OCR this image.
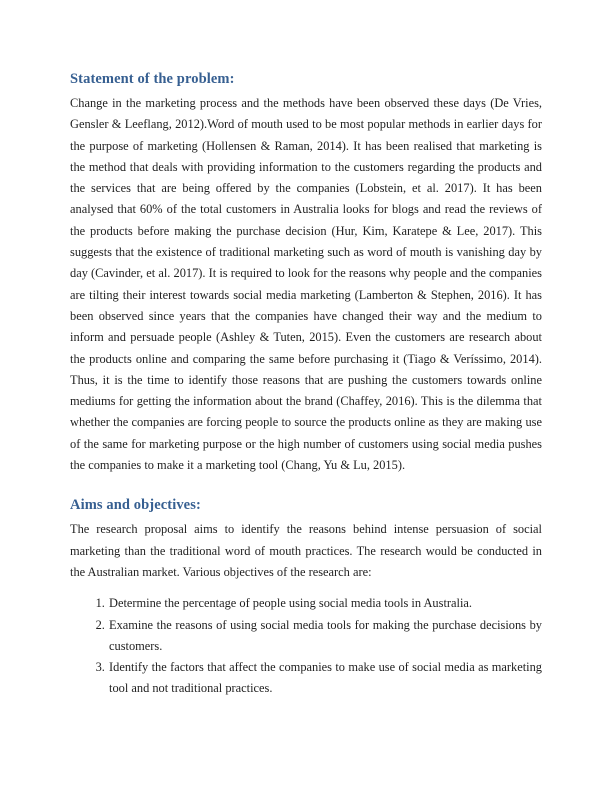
Statement of the problem:

Change in the marketing process and the methods have been observed these days (De Vries, Gensler & Leeflang, 2012).Word of mouth used to be most popular methods in earlier days for the purpose of marketing (Hollensen & Raman, 2014). It has been realised that marketing is the method that deals with providing information to the customers regarding the products and the services that are being offered by the companies (Lobstein, et al. 2017). It has been analysed that 60% of the total customers in Australia looks for blogs and read the reviews of the products before making the purchase decision (Hur, Kim, Karatepe & Lee, 2017). This suggests that the existence of traditional marketing such as word of mouth is vanishing day by day (Cavinder, et al. 2017). It is required to look for the reasons why people and the companies are tilting their interest towards social media marketing (Lamberton & Stephen, 2016). It has been observed since years that the companies have changed their way and the medium to inform and persuade people (Ashley & Tuten, 2015). Even the customers are research about the products online and comparing the same before purchasing it (Tiago & Veríssimo, 2014). Thus, it is the time to identify those reasons that are pushing the customers towards online mediums for getting the information about the brand (Chaffey, 2016). This is the dilemma that whether the companies are forcing people to source the products online as they are making use of the same for marketing purpose or the high number of customers using social media pushes the companies to make it a marketing tool (Chang, Yu & Lu, 2015).

Aims and objectives:

The research proposal aims to identify the reasons behind intense persuasion of social marketing than the traditional word of mouth practices. The research would be conducted in the Australian market. Various objectives of the research are:

1. Determine the percentage of people using social media tools in Australia.
2. Examine the reasons of using social media tools for making the purchase decisions by customers.
3. Identify the factors that affect the companies to make use of social media as marketing tool and not traditional practices.
